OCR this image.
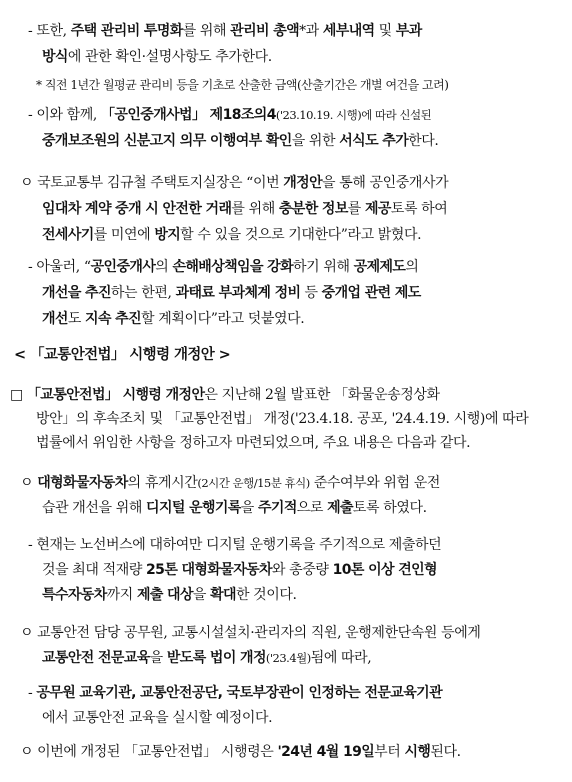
- 또한, 주택 관리비 투명화를 위해 관리비 총액*과 세부내역 및 부과
방식에 관한 확인·설명사항도 추가한다.
* 직전 1년간 월평균 관리비 등을 기초로 산출한 금액(산출기간은 개별 여건을 고려)
- 이와 함께, 「공인중개사법」 제18조의4('23.10.19. 시행)에 따라 신설된
중개보조원의 신분고지 의무 이행여부 확인을 위한 서식도 추가한다.
ㅇ 국토교통부 김규철 주택토지실장은 “이번 개정안을 통해 공인중개사가
임대차 계약 중개 시 안전한 거래를 위해 충분한 정보를 제공토록 하여
전세사기를 미연에 방지할 수 있을 것으로 기대한다”라고 밝혔다.
- 아울러, “공인중개사의 손해배상책임을 강화하기 위해 공제제도의
개선을 추진하는 한편, 과태료 부과체계 정비 등 중개업 관련 제도
개선도 지속 추진할 계획이다”라고 덧붙였다.
< 「교통안전법」 시행령 개정안 >
□ 「교통안전법」 시행령 개정안은 지난해 2월 발표한 「화물운송정상화
방안」의 후속조치 및 「교통안전법」 개정('23.4.18. 공포, '24.4.19. 시행)에 따라
법률에서 위임한 사항을 정하고자 마련되었으며, 주요 내용은 다음과 같다.
ㅇ 대형화물자동차의 휴게시간(2시간 운행/15분 휴식) 준수여부와 위험 운전
습관 개선을 위해 디지털 운행기록을 주기적으로 제출토록 하였다.
- 현재는 노선버스에 대하여만 디지털 운행기록을 주기적으로 제출하던
것을 최대 적재량 25톤 대형화물자동차와 총중량 10톤 이상 견인형
특수자동차까지 제출 대상을 확대한 것이다.
ㅇ 교통안전 담당 공무원, 교통시설설치·관리자의 직원, 운행제한단속원 등에게
교통안전 전문교육을 받도록 법이 개정('23.4월)됨에 따라,
- 공무원 교육기관, 교통안전공단, 국토부장관이 인정하는 전문교육기관
에서 교통안전 교육을 실시할 예정이다.
ㅇ 이번에 개정된 「교통안전법」 시행령은 '24년 4월 19일부터 시행된다.
